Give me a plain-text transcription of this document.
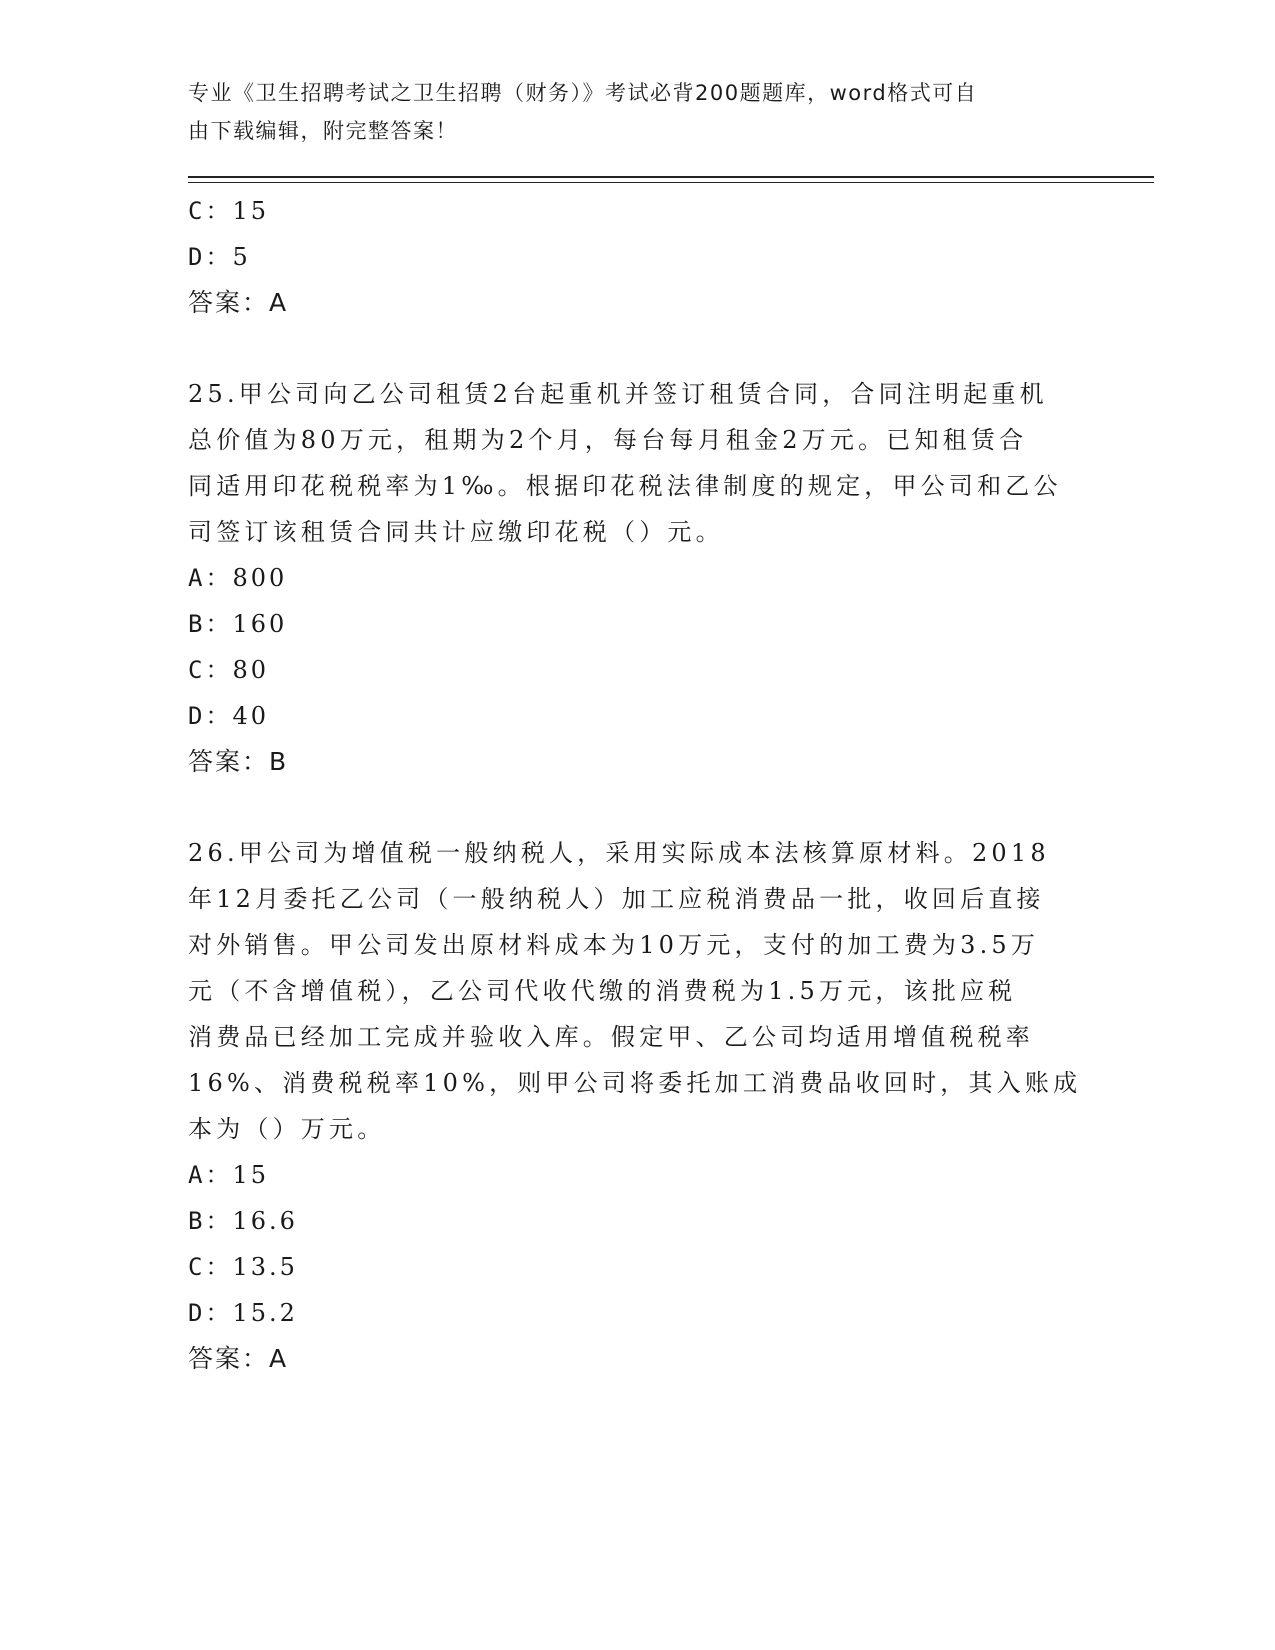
专业《卫生招聘考试之卫生招聘（财务）》考试必背200题题库，word格式可自
由下载编辑，附完整答案！
C：15
D：5
答案：A
25.甲公司向乙公司租赁2台起重机并签订租赁合同，合同注明起重机
总价值为80万元，租期为2个月，每台每月租金2万元。已知租赁合
同适用印花税税率为1‰。根据印花税法律制度的规定，甲公司和乙公
司签订该租赁合同共计应缴印花税（）元。
A：800
B：160
C：80
D：40
答案：B
26.甲公司为增值税一般纳税人，采用实际成本法核算原材料。2018
年12月委托乙公司（一般纳税人）加工应税消费品一批，收回后直接
对外销售。甲公司发出原材料成本为10万元，支付的加工费为3.5万
元（不含增值税），乙公司代收代缴的消费税为1.5万元，该批应税
消费品已经加工完成并验收入库。假定甲、乙公司均适用增值税税率
16%、消费税税率10%，则甲公司将委托加工消费品收回时，其入账成
本为（）万元。
A：15
B：16.6
C：13.5
D：15.2
答案：A
